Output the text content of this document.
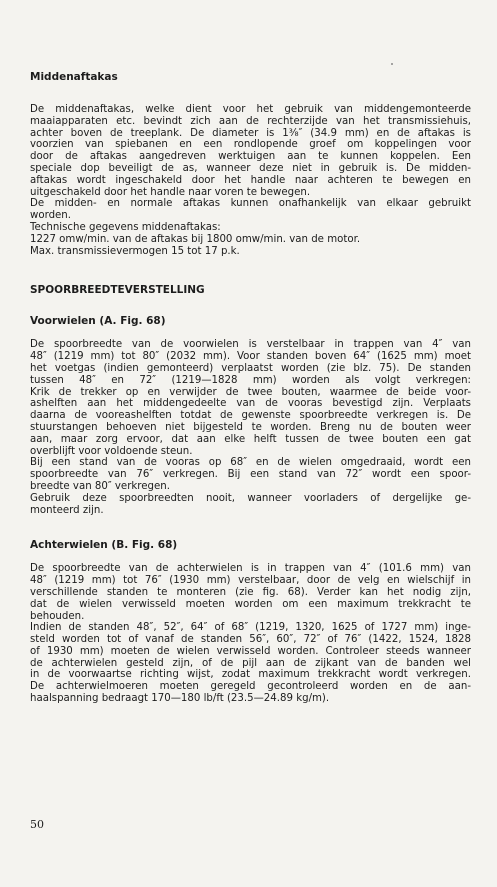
Middenaftakas
De middenaftakas, welke dient voor het gebruik van middengemonteerde
maaiapparaten etc. bevindt zich aan de rechterzijde van het transmissiehuis,
achter boven de treeplank. De diameter is 1³⁄₈″ (34.9 mm) en de aftakas is
voorzien van spiebanen en een rondlopende groef om koppelingen voor
door de aftakas aangedreven werktuigen aan te kunnen koppelen. Een
speciale dop beveiligt de as, wanneer deze niet in gebruik is. De midden-
aftakas wordt ingeschakeld door het handle naar achteren te bewegen en
uitgeschakeld door het handle naar voren te bewegen.
De midden- en normale aftakas kunnen onafhankelijk van elkaar gebruikt
worden.
Technische gegevens middenaftakas:
1227 omw/min. van de aftakas bij 1800 omw/min. van de motor.
Max. transmissievermogen 15 tot 17 p.k.
SPOORBREEDTEVERSTELLING
Voorwielen (A. Fig. 68)
De spoorbreedte van de voorwielen is verstelbaar in trappen van 4″ van
48″ (1219 mm) tot 80″ (2032 mm). Voor standen boven 64″ (1625 mm) moet
het voetgas (indien gemonteerd) verplaatst worden (zie blz. 75). De standen
tussen 48″ en 72″ (1219—1828 mm) worden als volgt verkregen:
Krik de trekker op en verwijder de twee bouten, waarmee de beide voor-
ashelften aan het middengedeelte van de vooras bevestigd zijn. Verplaats
daarna de vooreashelften totdat de gewenste spoorbreedte verkregen is. De
stuurstangen behoeven niet bijgesteld te worden. Breng nu de bouten weer
aan, maar zorg ervoor, dat aan elke helft tussen de twee bouten een gat
overblijft voor voldoende steun.
Bij een stand van de vooras op 68″ en de wielen omgedraaid, wordt een
spoorbreedte van 76″ verkregen. Bij een stand van 72″ wordt een spoor-
breedte van 80″ verkregen.
Gebruik deze spoorbreedten nooit, wanneer voorladers of dergelijke ge-
monteerd zijn.
Achterwielen (B. Fig. 68)
De spoorbreedte van de achterwielen is in trappen van 4″ (101.6 mm) van
48″ (1219 mm) tot 76″ (1930 mm) verstelbaar, door de velg en wielschijf in
verschillende standen te monteren (zie fig. 68). Verder kan het nodig zijn,
dat de wielen verwisseld moeten worden om een maximum trekkracht te
behouden.
Indien de standen 48″, 52″, 64″ of 68″ (1219, 1320, 1625 of 1727 mm) inge-
steld worden tot of vanaf de standen 56″, 60″, 72″ of 76″ (1422, 1524, 1828
of 1930 mm) moeten de wielen verwisseld worden. Controleer steeds wanneer
de achterwielen gesteld zijn, of de pijl aan de zijkant van de banden wel
in de voorwaartse richting wijst, zodat maximum trekkracht wordt verkregen.
De achterwielmoeren moeten geregeld gecontroleerd worden en de aan-
haalspanning bedraagt 170—180 lb/ft (23.5—24.89 kg/m).
50
